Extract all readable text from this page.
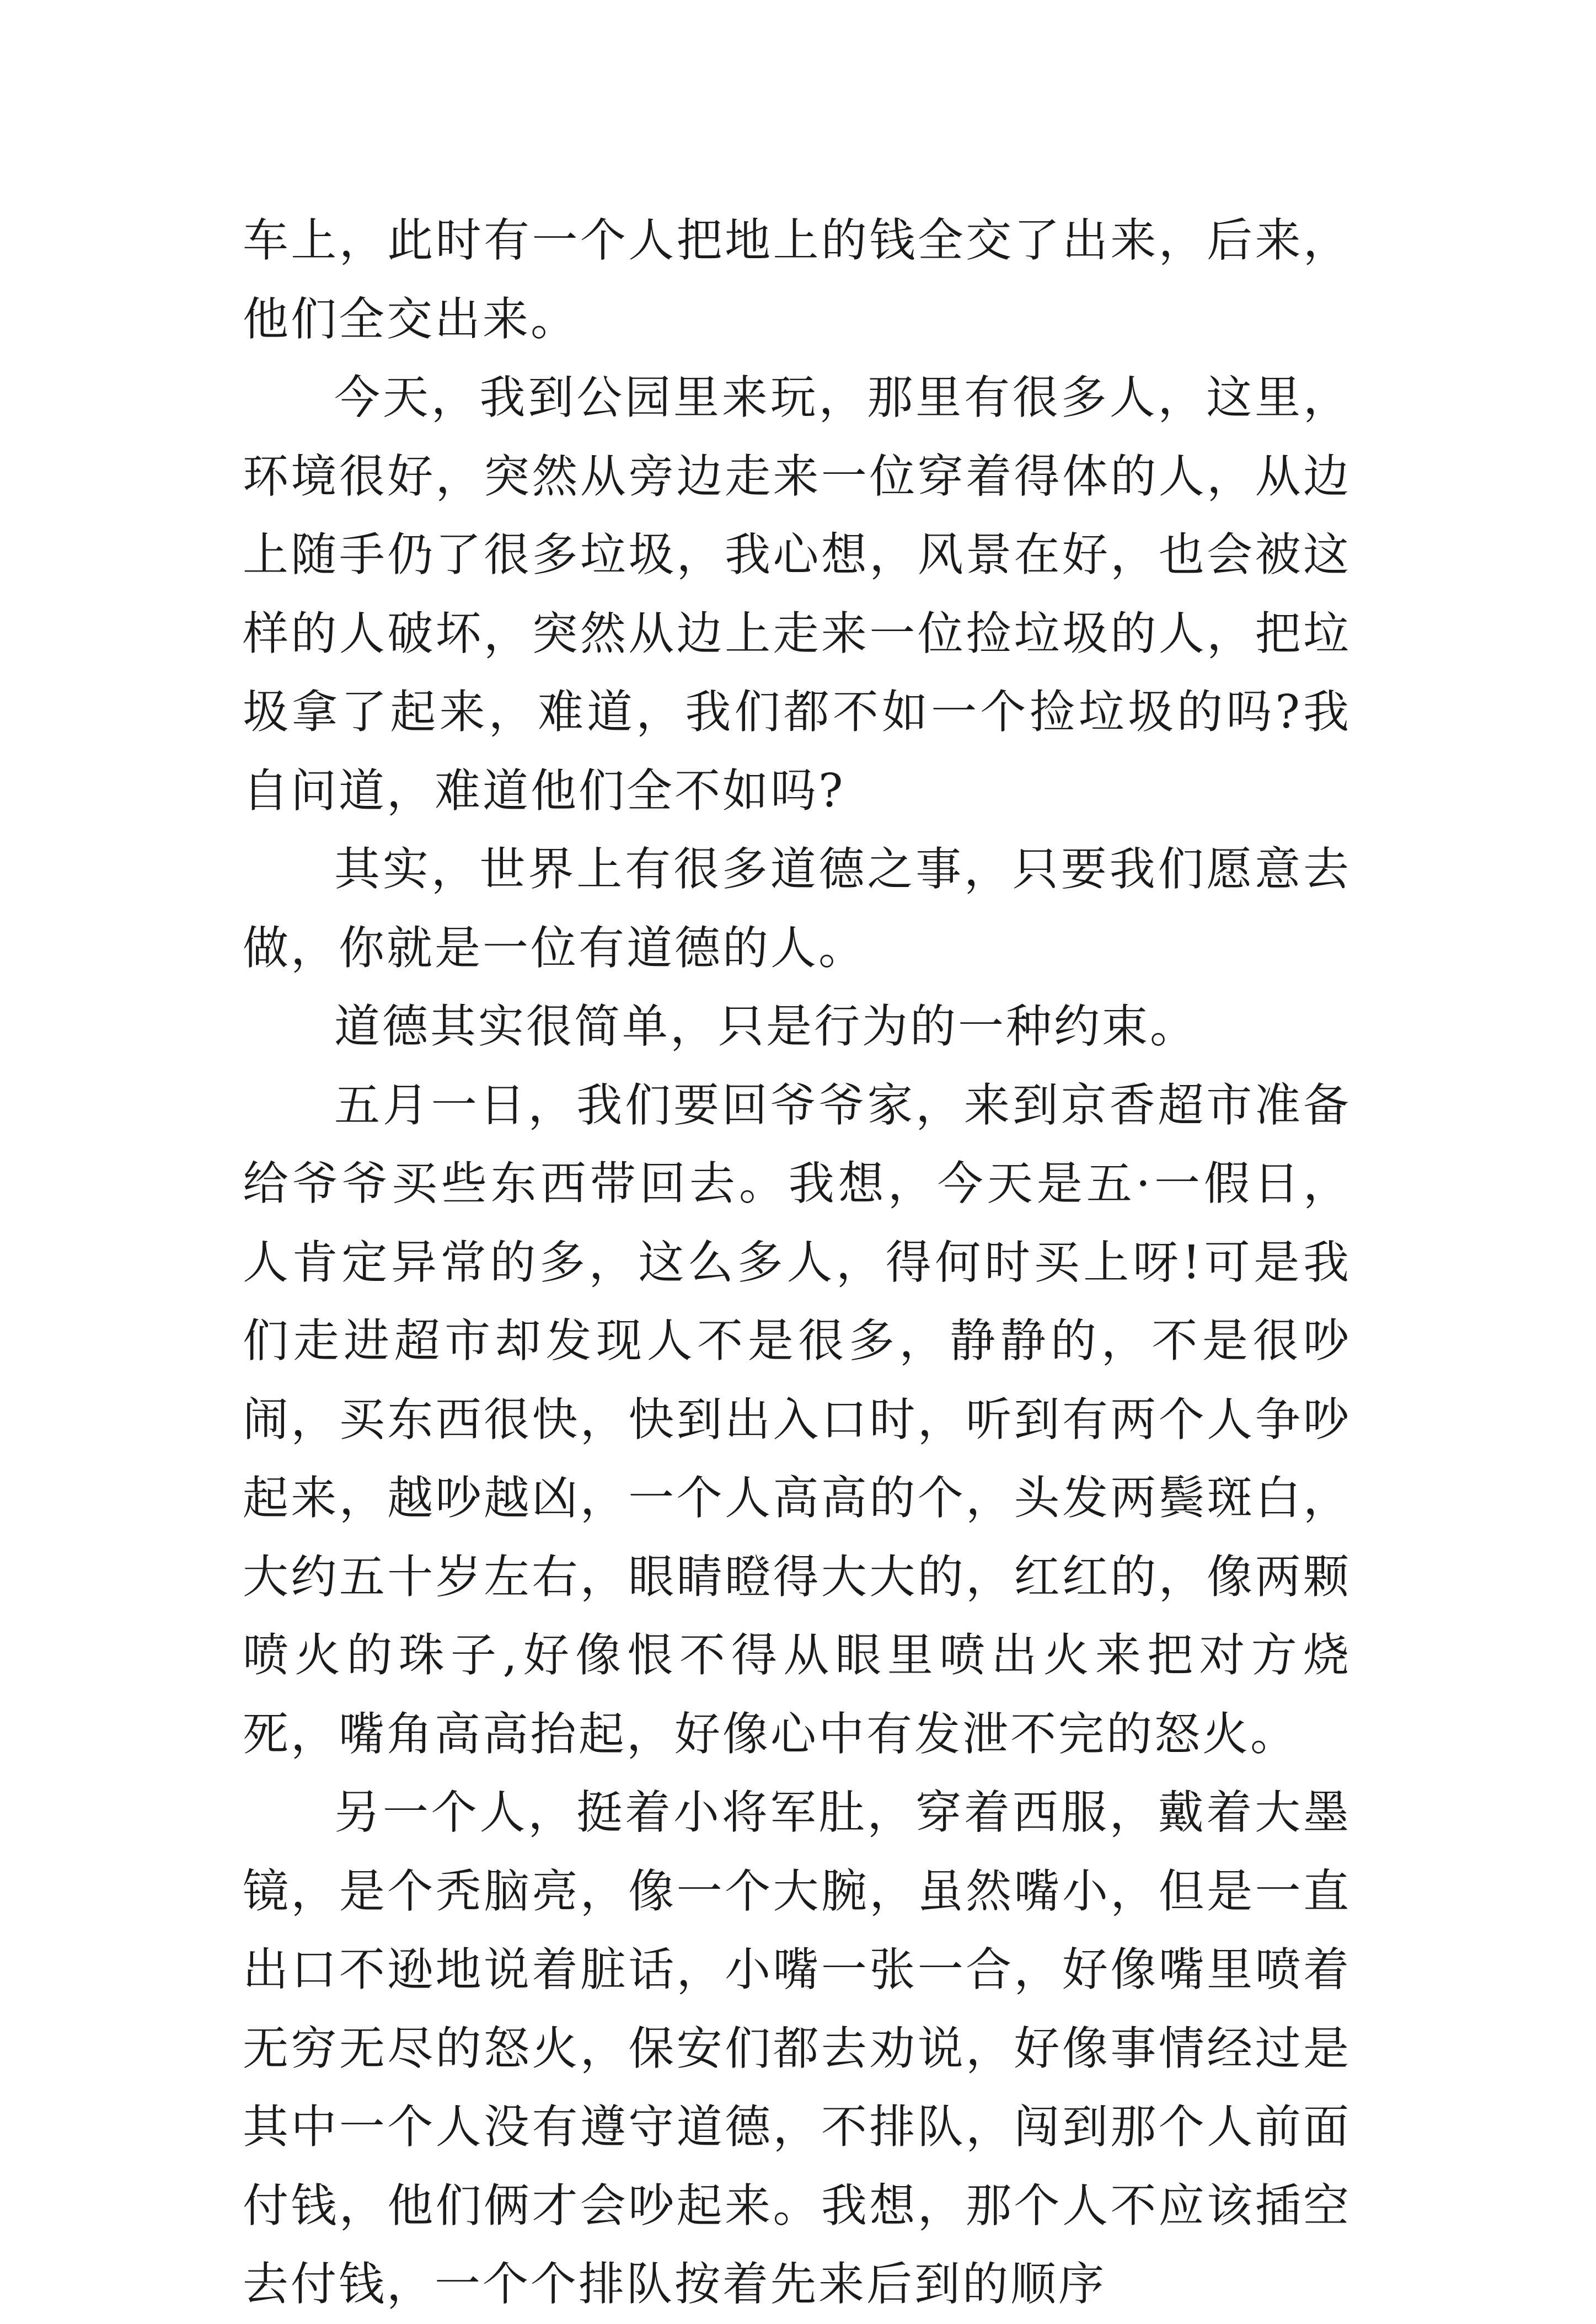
车上，此时有一个人把地上的钱全交了出来，后来，他们全交出来。

今天，我到公园里来玩，那里有很多人，这里，环境很好，突然从旁边走来一位穿着得体的人，从边上随手仍了很多垃圾，我心想，风景在好，也会被这样的人破坏，突然从边上走来一位捡垃圾的人，把垃圾拿了起来，难道，我们都不如一个捡垃圾的吗?我自问道，难道他们全不如吗?

其实，世界上有很多道德之事，只要我们愿意去做，你就是一位有道德的人。

道德其实很简单，只是行为的一种约束。

五月一日，我们要回爷爷家，来到京香超市准备给爷爷买些东西带回去。我想，今天是五·一假日，人肯定异常的多，这么多人，得何时买上呀!可是我们走进超市却发现人不是很多，静静的，不是很吵闹，买东西很快，快到出入口时，听到有两个人争吵起来，越吵越凶，一个人高高的个，头发两鬓斑白，大约五十岁左右，眼睛瞪得大大的，红红的，像两颗喷火的珠子,好像恨不得从眼里喷出火来把对方烧死，嘴角高高抬起，好像心中有发泄不完的怒火。

另一个人，挺着小将军肚，穿着西服，戴着大墨镜，是个秃脑亮，像一个大腕，虽然嘴小，但是一直出口不逊地说着脏话，小嘴一张一合，好像嘴里喷着无穷无尽的怒火，保安们都去劝说，好像事情经过是其中一个人没有遵守道德，不排队，闯到那个人前面付钱，他们俩才会吵起来。我想，那个人不应该插空去付钱，一个个排队按着先来后到的顺序
